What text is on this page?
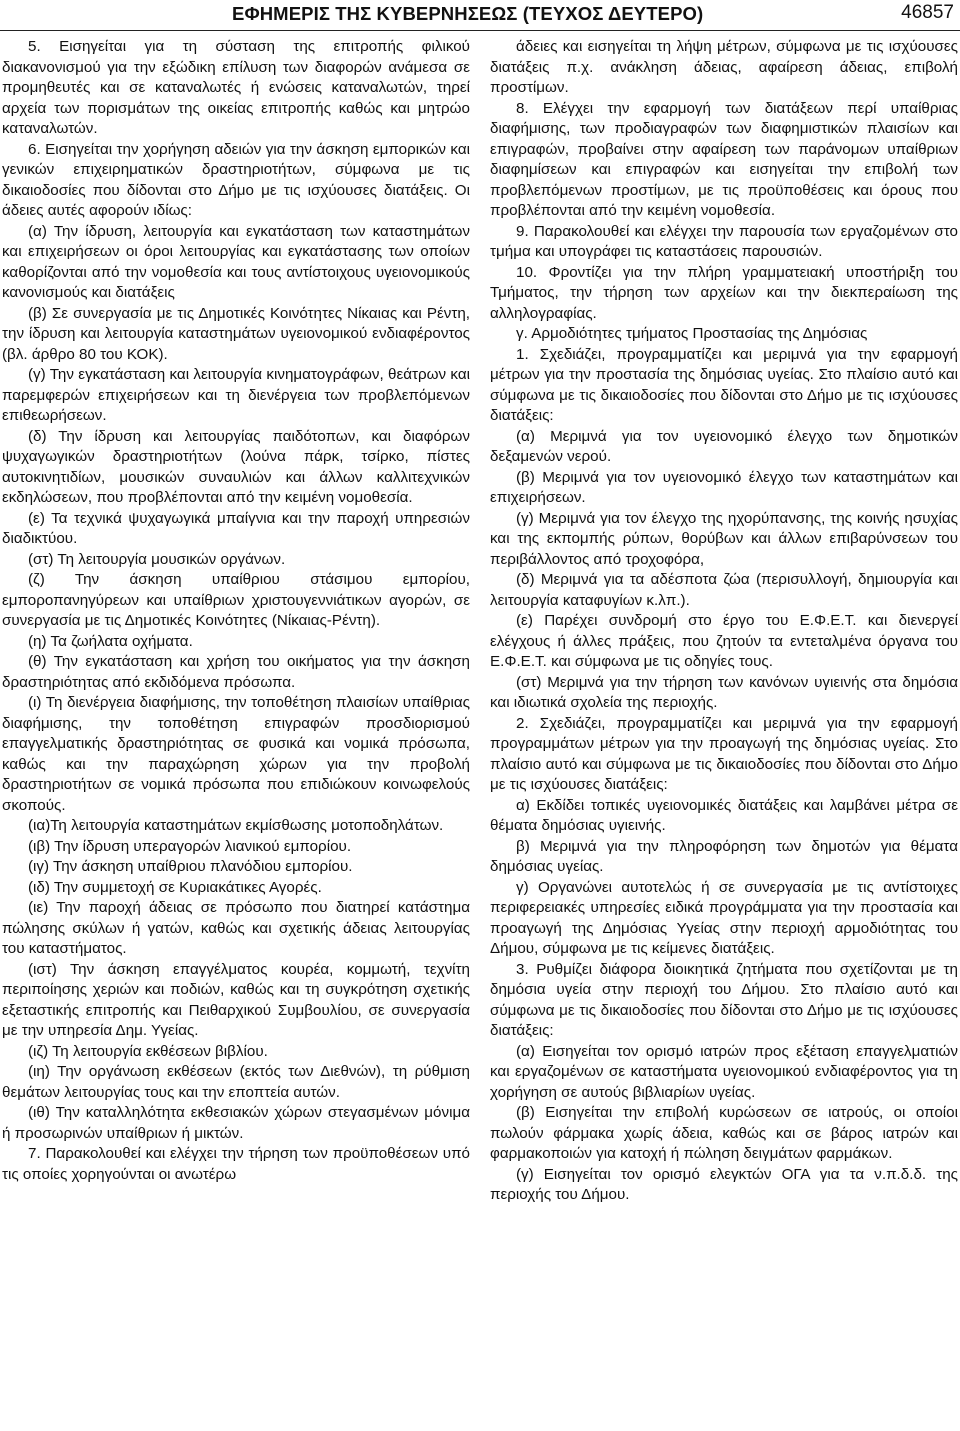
ΕΦΗΜΕΡΙΣ ΤΗΣ ΚΥΒΕΡΝΗΣΕΩΣ (ΤΕΥΧΟΣ ΔΕΥΤΕΡΟ)	46857

5. Εισηγείται για τη σύσταση της επιτροπής φιλικού διακανονισμού για την εξώδικη επίλυση των διαφορών ανάμεσα σε προμηθευτές και σε καταναλωτές ή ενώσεις καταναλωτών, τηρεί αρχεία των πορισμάτων της οικείας επιτροπής καθώς και μητρώο καταναλωτών.

6. Εισηγείται την χορήγηση αδειών για την άσκηση εμπορικών και γενικών επιχειρηματικών δραστηριοτήτων, σύμφωνα με τις δικαιοδοσίες που δίδονται στο Δήμο με τις ισχύουσες διατάξεις. Οι άδειες αυτές αφορούν ιδίως:

(α) Την ίδρυση, λειτουργία και εγκατάσταση των καταστημάτων και επιχειρήσεων οι όροι λειτουργίας και εγκατάστασης των οποίων καθορίζονται από την νομοθεσία και τους αντίστοιχους υγειονομικούς κανονισμούς και διατάξεις

(β) Σε συνεργασία με τις Δημοτικές Κοινότητες Νίκαιας και Ρέντη, την ίδρυση και λειτουργία καταστημάτων υγειονομικού ενδιαφέροντος (βλ. άρθρο 80 του ΚΟΚ).

(γ) Την εγκατάσταση και λειτουργία κινηματογράφων, θεάτρων και παρεμφερών επιχειρήσεων και τη διενέργεια των προβλεπόμενων επιθεωρήσεων.

(δ) Την ίδρυση και λειτουργίας παιδότοπων, και διαφόρων ψυχαγωγικών δραστηριοτήτων (λούνα πάρκ, τσίρκο, πίστες αυτοκινητιδίων, μουσικών συναυλιών και άλλων καλλιτεχνικών εκδηλώσεων, που προβλέπονται από την κειμένη νομοθεσία.

(ε) Τα τεχνικά ψυχαγωγικά μπαίγνια και την παροχή υπηρεσιών διαδικτύου.

(στ) Τη λειτουργία μουσικών οργάνων.

(ζ) Την άσκηση υπαίθριου στάσιμου εμπορίου, εμποροπανηγύρεων και υπαίθριων χριστουγεννιάτικων αγορών, σε συνεργασία με τις Δημοτικές Κοινότητες (Νίκαιας-Ρέντη).

(η) Τα ζωήλατα οχήματα.

(θ) Την εγκατάσταση και χρήση του οικήματος για την άσκηση δραστηριότητας από εκδιδόμενα πρόσωπα.

(ι) Τη διενέργεια διαφήμισης, την τοποθέτηση πλαισίων υπαίθριας διαφήμισης, την τοποθέτηση επιγραφών προσδιορισμού επαγγελματικής δραστηριότητας σε φυσικά και νομικά πρόσωπα, καθώς και την παραχώρηση χώρων για την προβολή δραστηριοτήτων σε νομικά πρόσωπα που επιδιώκουν κοινωφελούς σκοπούς.

(ια)Τη λειτουργία καταστημάτων εκμίσθωσης μοτοποδηλάτων.

(ιβ) Την ίδρυση υπεραγορών λιανικού εμπορίου.

(ιγ) Την άσκηση υπαίθριου πλανόδιου εμπορίου.

(ιδ) Την συμμετοχή σε Κυριακάτικες Αγορές.

(ιε) Την παροχή άδειας σε πρόσωπο που διατηρεί κατάστημα πώλησης σκύλων ή γατών, καθώς και σχετικής άδειας λειτουργίας του καταστήματος.

(ιστ) Την άσκηση επαγγέλματος κουρέα, κομμωτή, τεχνίτη περιποίησης χεριών και ποδιών, καθώς και τη συγκρότηση σχετικής εξεταστικής επιτροπής και Πειθαρχικού Συμβουλίου, σε συνεργασία με την υπηρεσία Δημ. Υγείας.

(ιζ) Τη λειτουργία εκθέσεων βιβλίου.

(ιη) Την οργάνωση εκθέσεων (εκτός των Διεθνών), τη ρύθμιση θεμάτων λειτουργίας τους και την εποπτεία αυτών.

(ιθ) Την καταλληλότητα εκθεσιακών χώρων στεγασμένων μόνιμα ή προσωρινών υπαίθριων ή μικτών.

7. Παρακολουθεί και ελέγχει την τήρηση των προϋποθέσεων υπό τις οποίες χορηγούνται οι ανωτέρω

άδειες και εισηγείται τη λήψη μέτρων, σύμφωνα με τις ισχύουσες διατάξεις π.χ. ανάκληση άδειας, αφαίρεση άδειας, επιβολή προστίμων.

8. Ελέγχει την εφαρμογή των διατάξεων περί υπαίθριας διαφήμισης, των προδιαγραφών των διαφημιστικών πλαισίων και επιγραφών, προβαίνει στην αφαίρεση των παράνομων υπαίθριων διαφημίσεων και επιγραφών και εισηγείται την επιβολή των προβλεπόμενων προστίμων, με τις προϋποθέσεις και όρους που προβλέπονται από την κειμένη νομοθεσία.

9. Παρακολουθεί και ελέγχει την παρουσία των εργαζομένων στο τμήμα και υπογράφει τις καταστάσεις παρουσιών.

10. Φροντίζει για την πλήρη γραμματειακή υποστήριξη του Τμήματος, την τήρηση των αρχείων και την διεκπεραίωση της αλληλογραφίας.

γ. Αρμοδιότητες τμήματος Προστασίας της Δημόσιας

1. Σχεδιάζει, προγραμματίζει και μεριμνά για την εφαρμογή μέτρων για την προστασία της δημόσιας υγείας. Στο πλαίσιο αυτό και σύμφωνα με τις δικαιοδοσίες που δίδονται στο Δήμο με τις ισχύουσες διατάξεις:

(α) Μεριμνά για τον υγειονομικό έλεγχο των δημοτικών δεξαμενών νερού.

(β) Μεριμνά για τον υγειονομικό έλεγχο των καταστημάτων και επιχειρήσεων.

(γ) Μεριμνά για τον έλεγχο της ηχορύπανσης, της κοινής ησυχίας και της εκπομπής ρύπων, θορύβων και άλλων επιβαρύνσεων του περιβάλλοντος από τροχοφόρα,

(δ) Μεριμνά για τα αδέσποτα ζώα (περισυλλογή, δημιουργία και λειτουργία καταφυγίων κ.λπ.).

(ε) Παρέχει συνδρομή στο έργο του Ε.Φ.Ε.Τ. και διενεργεί ελέγχους ή άλλες πράξεις, που ζητούν τα εντεταλμένα όργανα του Ε.Φ.Ε.Τ. και σύμφωνα με τις οδηγίες τους.

(στ) Μεριμνά για την τήρηση των κανόνων υγιεινής στα δημόσια και ιδιωτικά σχολεία της περιοχής.

2. Σχεδιάζει, προγραμματίζει και μεριμνά για την εφαρμογή προγραμμάτων μέτρων για την προαγωγή της δημόσιας υγείας. Στο πλαίσιο αυτό και σύμφωνα με τις δικαιοδοσίες που δίδονται στο Δήμο με τις ισχύουσες διατάξεις:

α) Εκδίδει τοπικές υγειονομικές διατάξεις και λαμβάνει μέτρα σε θέματα δημόσιας υγιεινής.

β) Μεριμνά για την πληροφόρηση των δημοτών για θέματα δημόσιας υγείας.

γ) Οργανώνει αυτοτελώς ή σε συνεργασία με τις αντίστοιχες περιφερειακές υπηρεσίες ειδικά προγράμματα για την προστασία και προαγωγή της Δημόσιας Υγείας στην περιοχή αρμοδιότητας του Δήμου, σύμφωνα με τις κείμενες διατάξεις.

3. Ρυθμίζει διάφορα διοικητικά ζητήματα που σχετίζονται με τη δημόσια υγεία στην περιοχή του Δήμου. Στο πλαίσιο αυτό και σύμφωνα με τις δικαιοδοσίες που δίδονται στο Δήμο με τις ισχύουσες διατάξεις:

(α) Εισηγείται τον ορισμό ιατρών προς εξέταση επαγγελματιών και εργαζομένων σε καταστήματα υγειονομικού ενδιαφέροντος για τη χορήγηση σε αυτούς βιβλιαρίων υγείας.

(β) Εισηγείται την επιβολή κυρώσεων σε ιατρούς, οι οποίοι πωλούν φάρμακα χωρίς άδεια, καθώς και σε βάρος ιατρών και φαρμακοποιών για κατοχή ή πώληση δειγμάτων φαρμάκων.

(γ) Εισηγείται τον ορισμό ελεγκτών ΟΓΑ για τα ν.π.δ.δ. της περιοχής του Δήμου.
